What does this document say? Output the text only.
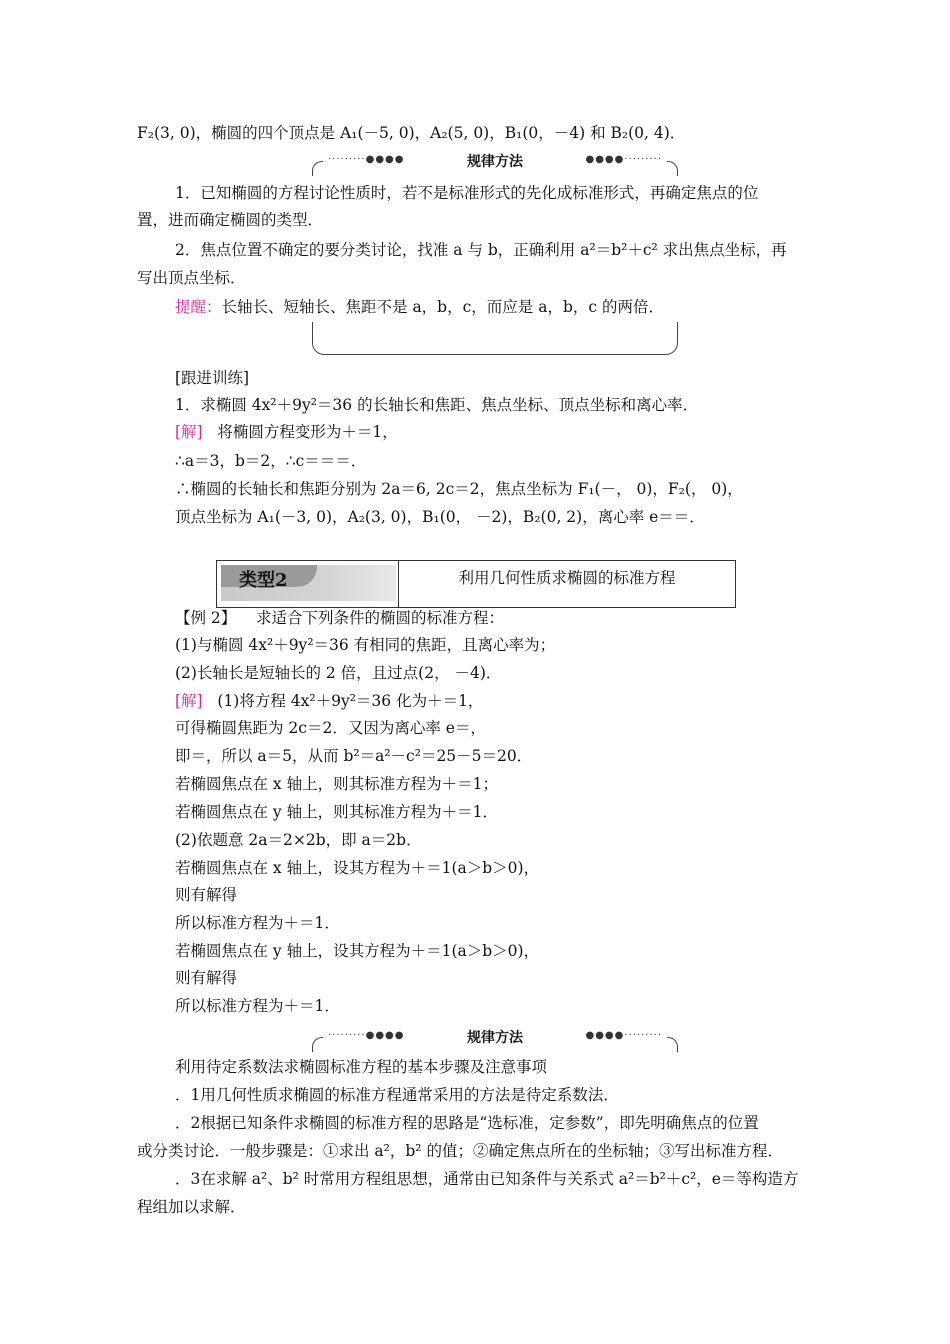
F₂(3, 0)，椭圆的四个顶点是 A₁(－5, 0)，A₂(5, 0)，B₁(0，－4) 和 B₂(0, 4)．
·········●●●●	规律方法	●●●●·········
1．已知椭圆的方程讨论性质时，若不是标准形式的先化成标准形式，再确定焦点的位
置，进而确定椭圆的类型．
2．焦点位置不确定的要分类讨论，找准 a 与 b，正确利用 a²＝b²＋c² 求出焦点坐标，再
写出顶点坐标．
提醒：长轴长、短轴长、焦距不是 a，b，c，而应是 a，b，c 的两倍．
[跟进训练]
1．求椭圆 4x²＋9y²＝36 的长轴长和焦距、焦点坐标、顶点坐标和离心率．
[解] 将椭圆方程变形为＋＝1，
∴a＝3，b＝2，∴c＝＝＝．
∴椭圆的长轴长和焦距分别为 2a＝6, 2c＝2，焦点坐标为 F₁(－， 0)，F₂(， 0)，
顶点坐标为 A₁(－3, 0)，A₂(3, 0)，B₁(0， －2)，B₂(0, 2)，离心率 e＝＝．
类型2	利用几何性质求椭圆的标准方程
【例 2】 求适合下列条件的椭圆的标准方程：
(1)与椭圆 4x²＋9y²＝36 有相同的焦距，且离心率为；
(2)长轴长是短轴长的 2 倍，且过点(2， －4)．
[解] (1)将方程 4x²＋9y²＝36 化为＋＝1，
可得椭圆焦距为 2c＝2．又因为离心率 e＝，
即＝，所以 a＝5，从而 b²＝a²－c²＝25－5＝20．
若椭圆焦点在 x 轴上，则其标准方程为＋＝1；
若椭圆焦点在 y 轴上，则其标准方程为＋＝1．
(2)依题意 2a＝2×2b，即 a＝2b．
若椭圆焦点在 x 轴上，设其方程为＋＝1(a＞b＞0)，
则有解得
所以标准方程为＋＝1．
若椭圆焦点在 y 轴上，设其方程为＋＝1(a＞b＞0)，
则有解得
所以标准方程为＋＝1．
·········●●●●	规律方法	●●●●·········
利用待定系数法求椭圆标准方程的基本步骤及注意事项
．1用几何性质求椭圆的标准方程通常采用的方法是待定系数法．
．2根据已知条件求椭圆的标准方程的思路是“选标准，定参数”，即先明确焦点的位置
或分类讨论．一般步骤是：①求出 a²，b² 的值；②确定焦点所在的坐标轴；③写出标准方程．
．3在求解 a²、b² 时常用方程组思想，通常由已知条件与关系式 a²＝b²＋c²，e＝等构造方
程组加以求解．
